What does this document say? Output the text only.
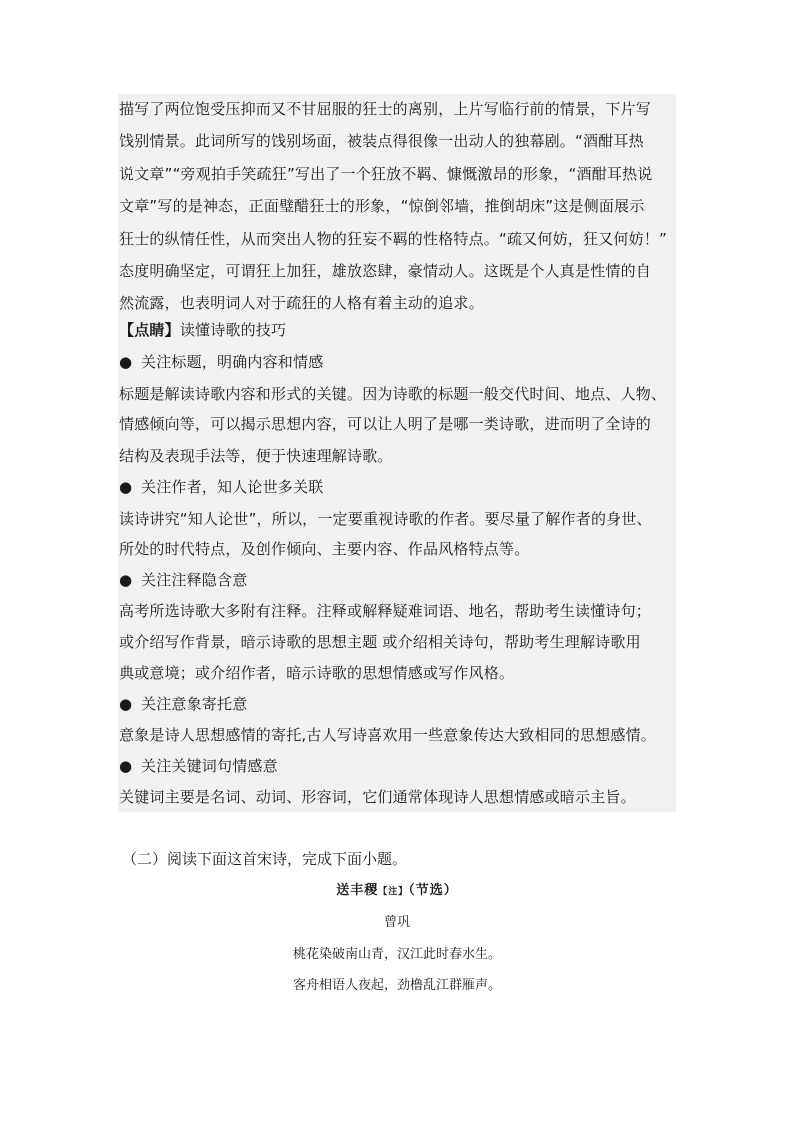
描写了两位饱受压抑而又不甘屈服的狂士的离别，上片写临行前的情景，下片写
饯别情景。此词所写的饯别场面，被装点得很像一出动人的独幕剧。“酒酣耳热
说文章”“旁观拍手笑疏狂”写出了一个狂放不羁、慷慨激昂的形象，“酒酣耳热说
文章”写的是神态，正面璧醋狂士的形象，“惊倒邻墙，推倒胡床”这是侧面展示
狂士的纵情任性，从而突出人物的狂妄不羁的性格特点。“疏又何妨，狂又何妨！”
态度明确坚定，可谓狂上加狂，雄放恣肆，豪情动人。这既是个人真是性情的自
然流露，也表明词人对于疏狂的人格有着主动的追求。
【点睛】读懂诗歌的技巧
● 关注标题，明确内容和情感
标题是解读诗歌内容和形式的关键。因为诗歌的标题一般交代时间、地点、人物、
情感倾向等，可以揭示思想内容，可以让人明了是哪一类诗歌，进而明了全诗的
结构及表现手法等，便于快速理解诗歌。
● 关注作者，知人论世多关联
读诗讲究“知人论世”，所以，一定要重视诗歌的作者。要尽量了解作者的身世、
所处的时代特点，及创作倾向、主要内容、作品风格特点等。
● 关注注释隐含意
高考所选诗歌大多附有注释。注释或解释疑难词语、地名，帮助考生读懂诗句；
或介绍写作背景，暗示诗歌的思想主题 或介绍相关诗句，帮助考生理解诗歌用
典或意境；或介绍作者，暗示诗歌的思想情感或写作风格。
● 关注意象寄托意
意象是诗人思想感情的寄托,古人写诗喜欢用一些意象传达大致相同的思想感情。
● 关注关键词句情感意
关键词主要是名词、动词、形容词，它们通常体现诗人思想情感或暗示主旨。
（二）阅读下面这首宋诗，完成下面小题。
送丰稷【注】（节选）
曾巩
桃花染破南山青，汉江此时春水生。
客舟相语人夜起，劲橹乱江群雁声。
